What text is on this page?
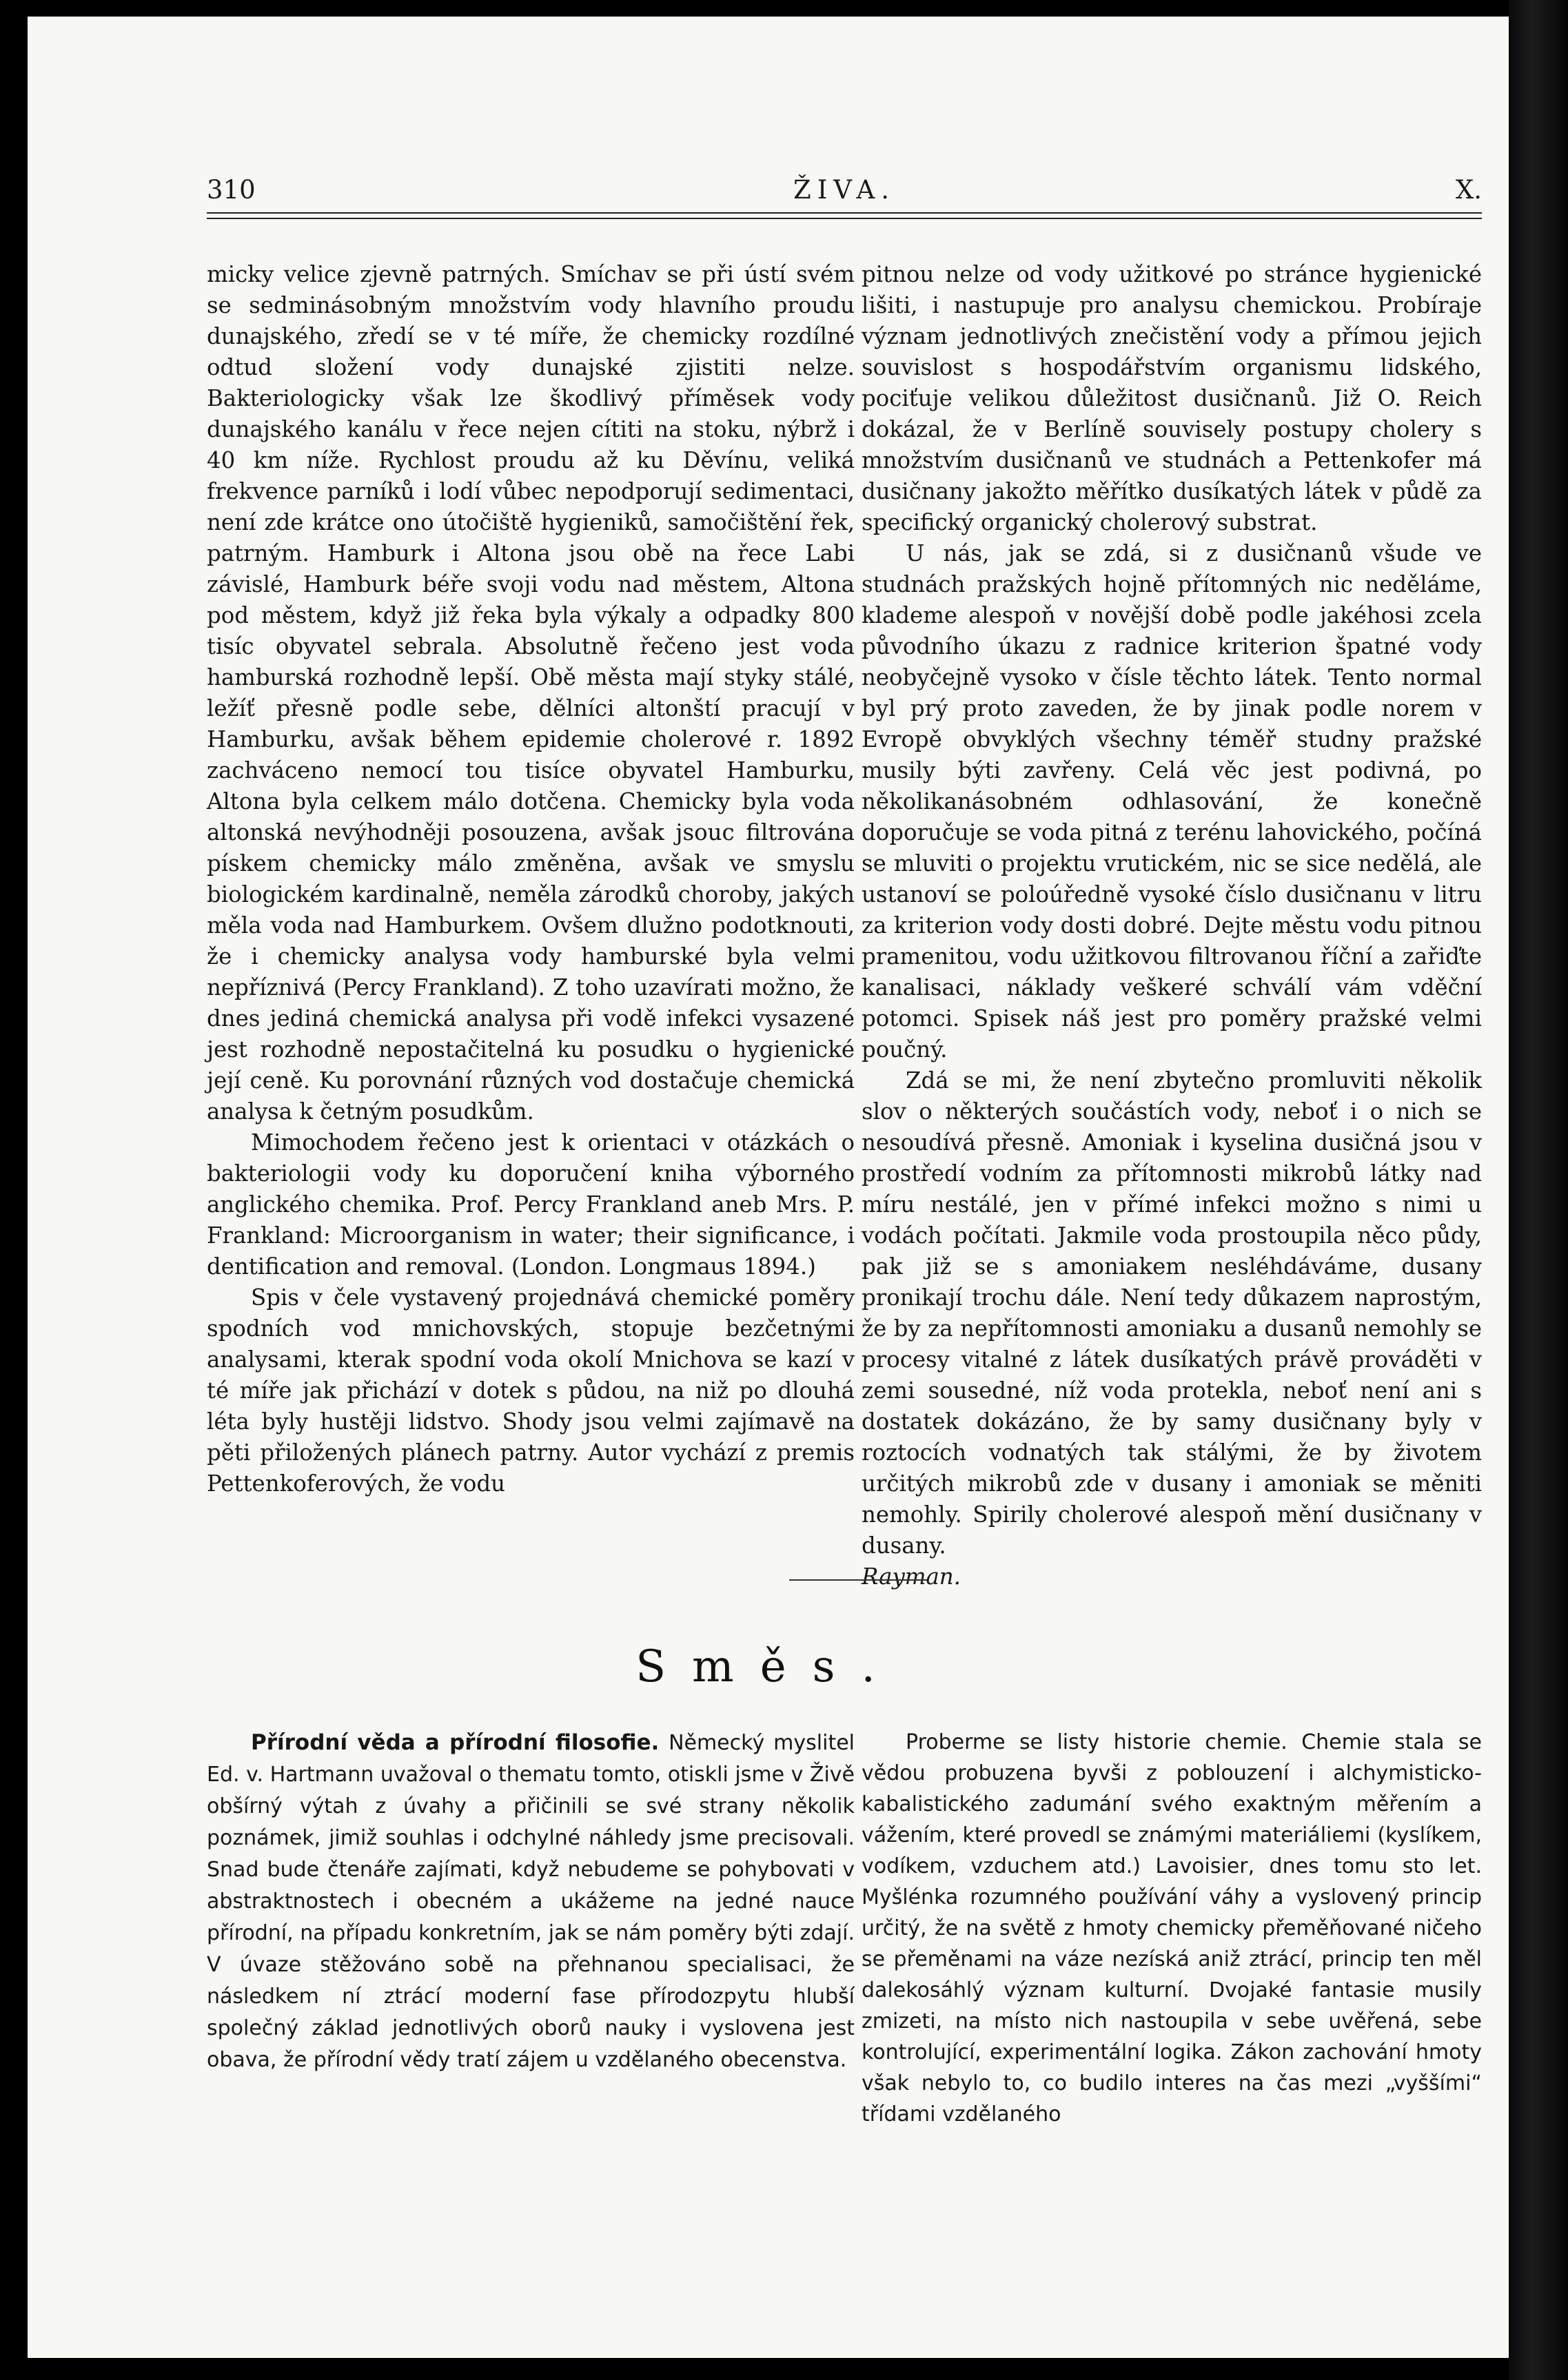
310	ŽIVA.	X.

micky velice zjevně patrných. Smíchav se při ústí svém se sedminásobným množstvím vody hlavního proudu dunajského, zředí se v té míře, že chemicky rozdílné odtud složení vody dunajské zjistiti nelze. Bakteriologicky však lze škodlivý příměsek vody dunajského kanálu v řece nejen cítiti na stoku, nýbrž i 40 km níže. Rychlost proudu až ku Děvínu, veliká frekvence parníků i lodí vůbec nepodporují sedimentaci, není zde krátce ono útočiště hygieniků, samočištění řek, patrným. Hamburk i Altona jsou obě na řece Labi závislé, Hamburk béře svoji vodu nad městem, Altona pod městem, když již řeka byla výkaly a odpadky 800 tisíc obyvatel sebrala. Absolutně řečeno jest voda hamburská rozhodně lepší. Obě města mají styky stálé, ležíť přesně podle sebe, dělníci altonští pracují v Hamburku, avšak během epidemie cholerové r. 1892 zachváceno nemocí tou tisíce obyvatel Hamburku, Altona byla celkem málo dotčena. Chemicky byla voda altonská nevýhodněji posouzena, avšak jsouc filtrována pískem chemicky málo změněna, avšak ve smyslu biologickém kardinalně, neměla zárodků choroby, jakých měla voda nad Hamburkem. Ovšem dlužno podotknouti, že i chemicky analysa vody hamburské byla velmi nepříznivá (Percy Frankland). Z toho uzavírati možno, že dnes jediná chemická analysa při vodě infekci vysazené jest rozhodně nepostačitelná ku posudku o hygienické její ceně. Ku porovnání různých vod dostačuje chemická analysa k četným posudkům.

Mimochodem řečeno jest k orientaci v otázkách o bakteriologii vody ku doporučení kniha výborného anglického chemika. Prof. Percy Frankland aneb Mrs. P. Frankland: Microorganism in water; their significance, i dentification and removal. (London. Longmaus 1894.)

Spis v čele vystavený projednává chemické poměry spodních vod mnichovských, stopuje bezčetnými analysami, kterak spodní voda okolí Mnichova se kazí v té míře jak přichází v dotek s půdou, na niž po dlouhá léta byly hustěji lidstvo. Shody jsou velmi zajímavě na pěti přiložených plánech patrny. Autor vychází z premis Pettenkoferových, že vodu

pitnou nelze od vody užitkové po stránce hygienické lišiti, i nastupuje pro analysu chemickou. Probíraje význam jednotlivých znečistění vody a přímou jejich souvislost s hospodářstvím organismu lidského, pociťuje velikou důležitost dusičnanů. Již O. Reich dokázal, že v Berlíně souvisely postupy cholery s množstvím dusičnanů ve studnách a Pettenkofer má dusičnany jakožto měřítko dusíkatých látek v půdě za specifický organický cholerový substrat.

U nás, jak se zdá, si z dusičnanů všude ve studnách pražských hojně přítomných nic neděláme, klademe alespoň v novější době podle jakéhosi zcela původního úkazu z radnice kriterion špatné vody neobyčejně vysoko v čísle těchto látek. Tento normal byl prý proto zaveden, že by jinak podle norem v Evropě obvyklých všechny téměř studny pražské musily býti zavřeny. Celá věc jest podivná, po několikanásobném odhlasování, že konečně doporučuje se voda pitná z terénu lahovického, počíná se mluviti o projektu vrutickém, nic se sice nedělá, ale ustanoví se poloúředně vysoké číslo dusičnanu v litru za kriterion vody dosti dobré. Dejte městu vodu pitnou pramenitou, vodu užitkovou filtrovanou říční a zařiďte kanalisaci, náklady veškeré schválí vám vděční potomci. Spisek náš jest pro poměry pražské velmi poučný.

Zdá se mi, že není zbytečno promluviti několik slov o některých součástích vody, neboť i o nich se nesoudívá přesně. Amoniak i kyselina dusičná jsou v prostředí vodním za přítomnosti mikrobů látky nad míru nestálé, jen v přímé infekci možno s nimi u vodách počítati. Jakmile voda prostoupila něco půdy, pak již se s amoniakem nesléhdáváme, dusany pronikají trochu dále. Není tedy důkazem naprostým, že by za nepřítomnosti amoniaku a dusanů nemohly se procesy vitalné z látek dusíkatých právě prováděti v zemi sousedné, níž voda protekla, neboť není ani s dostatek dokázáno, že by samy dusičnany byly v roztocích vodnatých tak stálými, že by životem určitých mikrobů zde v dusany i amoniak se měniti nemohly. Spirily cholerové alespoň mění dusičnany v dusany.

Rayman.

Směs.

Přírodní věda a přírodní filosofie. Německý myslitel Ed. v. Hartmann uvažoval o thematu tomto, otiskli jsme v Živě obšírný výtah z úvahy a přičinili se své strany několik poznámek, jimiž souhlas i odchylné náhledy jsme precisovali. Snad bude čtenáře zajímati, když nebudeme se pohybovati v abstraktnostech i obecném a ukážeme na jedné nauce přírodní, na případu konkretním, jak se nám poměry býti zdají. V úvaze stěžováno sobě na přehnanou specialisaci, že následkem ní ztrácí moderní fase přírodozpytu hlubší společný základ jednotlivých oborů nauky i vyslovena jest obava, že přírodní vědy tratí zájem u vzdělaného obecenstva.

Proberme se listy historie chemie. Chemie stala se vědou probuzena byvši z poblouzení i alchymisticko-kabalistického zadumání svého exaktným měřením a vážením, které provedl se známými materiáliemi (kyslíkem, vodíkem, vzduchem atd.) Lavoisier, dnes tomu sto let. Myšlénka rozumného používání váhy a vyslovený princip určitý, že na světě z hmoty chemicky přeměňované ničeho se přeměnami na váze nezíská aniž ztrácí, princip ten měl dalekosáhlý význam kulturní. Dvojaké fantasie musily zmizeti, na místo nich nastoupila v sebe uvěřená, sebe kontrolující, experimentální logika. Zákon zachování hmoty však nebylo to, co budilo interes na čas mezi „vyššími“ třídami vzdělaného
